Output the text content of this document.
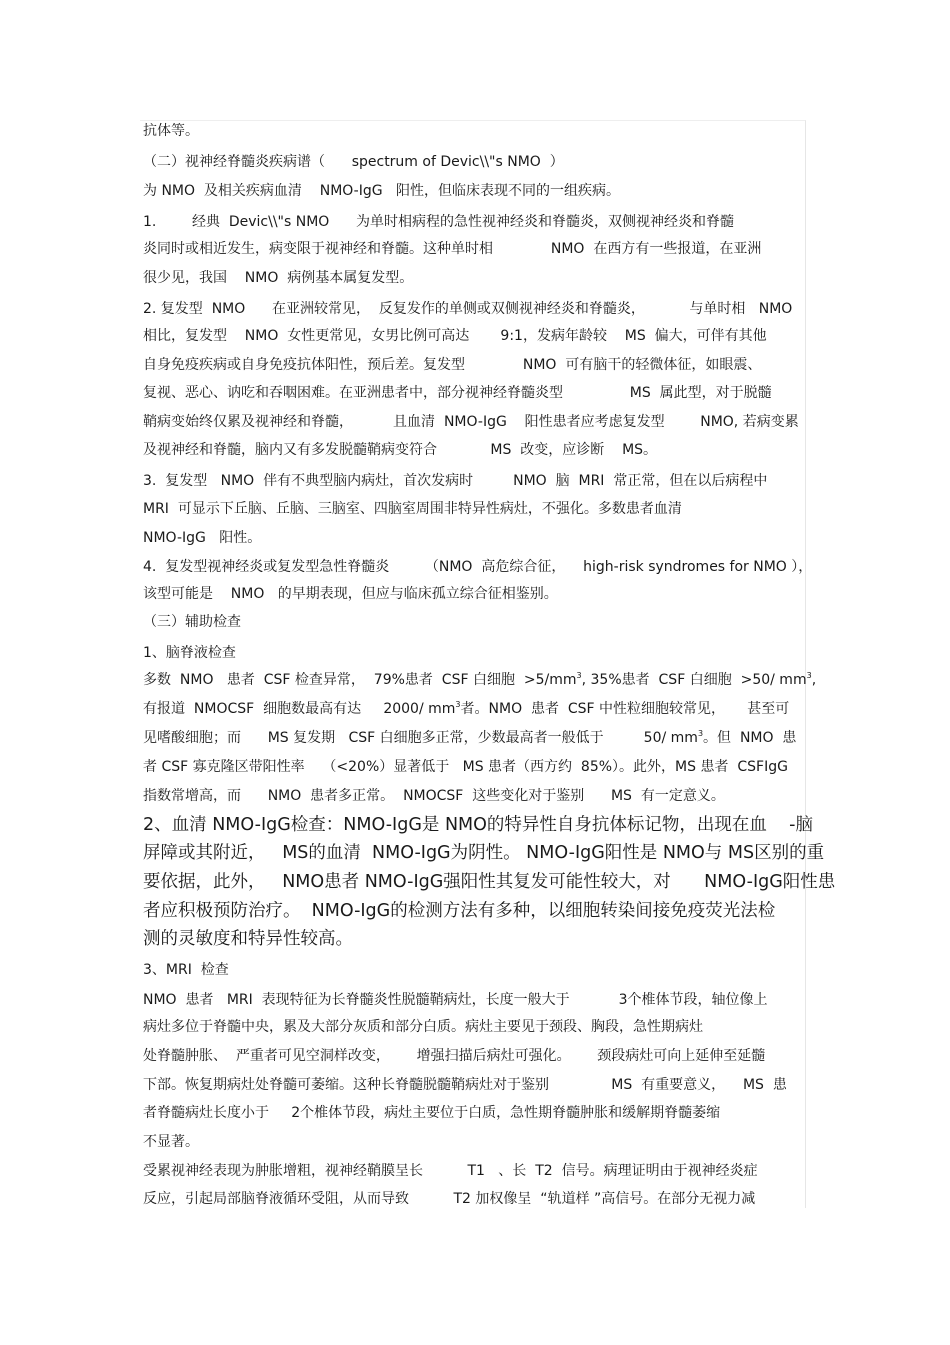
抗体等。
（二）视神经脊髓炎疾病谱（      spectrum of Devic\\"s NMO  ）
为 NMO  及相关疾病血清    NMO-IgG   阳性，但临床表现不同的一组疾病。
1.        经典  Devic\\"s NMO      为单时相病程的急性视神经炎和脊髓炎，双侧视神经炎和脊髓
炎同时或相近发生，病变限于视神经和脊髓。这种单时相             NMO  在西方有一些报道，在亚洲
很少见，我国    NMO  病例基本属复发型。
2. 复发型  NMO      在亚洲较常见，  反复发作的单侧或双侧视神经炎和脊髓炎，          与单时相   NMO
相比，复发型    NMO  女性更常见，女男比例可高达       9:1，发病年龄较    MS  偏大，可伴有其他
自身免疫疾病或自身免疫抗体阳性，预后差。复发型             NMO  可有脑干的轻微体征，如眼震、
复视、恶心、讷吃和吞咽困难。在亚洲患者中，部分视神经脊髓炎型               MS  属此型，对于脱髓
鞘病变始终仅累及视神经和脊髓，         且血清  NMO-IgG    阳性患者应考虑复发型        NMO, 若病变累
及视神经和脊髓，脑内又有多发脱髓鞘病变符合            MS  改变，应诊断    MS。
3.  复发型   NMO  伴有不典型脑内病灶，首次发病时         NMO  脑  MRI  常正常，但在以后病程中
MRI  可显示下丘脑、丘脑、三脑室、四脑室周围非特异性病灶，不强化。多数患者血清
NMO-IgG   阳性。
4.  复发型视神经炎或复发型急性脊髓炎        （NMO  高危综合征，    high-risk syndromes for NMO ），
该型可能是    NMO   的早期表现，但应与临床孤立综合征相鉴别。
（三）辅助检查
1、脑脊液检查
多数  NMO   患者  CSF 检查异常，  79%患者  CSF 白细胞  $>5/mm^3$, 35%患者  CSF 白细胞  >50/ $mm^3$,
有报道  NMOCSF  细胞数最高有达     2000/ $mm^3$者。NMO  患者  CSF 中性粒细胞较常见，     甚至可
见嗜酸细胞；而      MS 复发期   CSF 白细胞多正常，少数最高者一般低于         50/ $mm^3$。但  NMO  患
者 CSF 寡克隆区带阳性率    （<20%）显著低于   MS 患者（西方约  85%）。此外，MS 患者  CSFIgG
指数常增高，而      NMO  患者多正常。  NMOCSF  这些变化对于鉴别      MS  有一定意义。
2、血清 NMO-IgG检查：NMO-IgG是 NMO的特异性自身抗体标记物，出现在血    -脑
屏障或其附近，   MS的血清  NMO-IgG为阴性。 NMO-IgG阳性是 NMO与 MS区别的重
要依据，此外，   NMO患者 NMO-IgG强阳性其复发可能性较大，对      NMO-IgG阳性患
者应积极预防治疗。  NMO-IgG的检测方法有多种，以细胞转染间接免疫荧光法检
测的灵敏度和特异性较高。
3、MRI  检查
NMO  患者   MRI  表现特征为长脊髓炎性脱髓鞘病灶，长度一般大于           3个椎体节段，轴位像上
病灶多位于脊髓中央，累及大部分灰质和部分白质。病灶主要见于颈段、胸段，急性期病灶
处脊髓肿胀、  严重者可见空洞样改变，      增强扫描后病灶可强化。      颈段病灶可向上延伸至延髓
下部。恢复期病灶处脊髓可萎缩。这种长脊髓脱髓鞘病灶对于鉴别              MS  有重要意义，    MS  患
者脊髓病灶长度小于     2个椎体节段，病灶主要位于白质，急性期脊髓肿胀和缓解期脊髓萎缩
不显著。
受累视神经表现为肿胀增粗，视神经鞘膜呈长          T1   、长  T2  信号。病理证明由于视神经炎症
反应，引起局部脑脊液循环受阻，从而导致          T2 加权像呈  “轨道样 ”高信号。在部分无视力减
